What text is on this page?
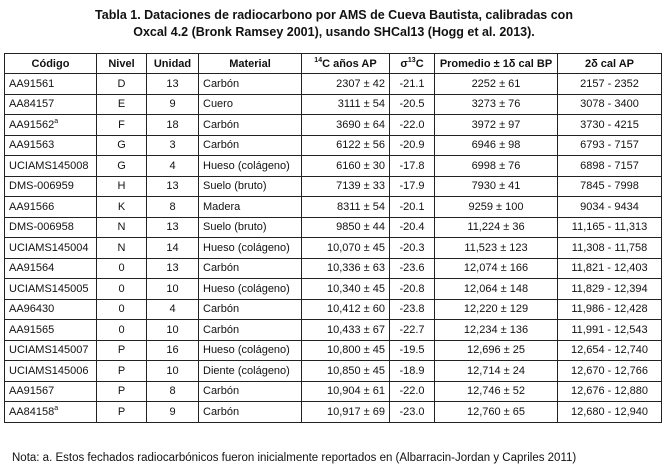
Tabla 1. Dataciones de radiocarbono por AMS de Cueva Bautista, calibradas con
Oxcal 4.2 (Bronk Ramsey 2001), usando SHCal13 (Hogg et al. 2013).
Código	Nivel	Unidad	Material	$^{14}$C años AP	$\sigma^{13}C$	Promedio ± 1δ cal BP	2δ cal AP
AA91561	D	13	Carbón	2307 ± 42	-21.1	2252 ± 61	2157 - 2352
AA84157	E	9	Cuero	3111 ± 54	-20.5	3273 ± 76	3078 - 3400
AA91562$^a$	F	18	Carbón	3690 ± 64	-22.0	3972 ± 97	3730 - 4215
AA91563	G	3	Carbón	6122 ± 56	-20.9	6946 ± 98	6793 - 7157
UCIAMS145008	G	4	Hueso (colágeno)	6160 ± 30	-17.8	6998 ± 76	6898 - 7157
DMS-006959	H	13	Suelo (bruto)	7139 ± 33	-17.9	7930 ± 41	7845 - 7998
AA91566	K	8	Madera	8311 ± 54	-20.1	9259 ± 100	9034 - 9434
DMS-006958	N	13	Suelo (bruto)	9850 ± 44	-20.4	11,224 ± 36	11,165 - 11,313
UCIAMS145004	N	14	Hueso (colágeno)	10,070 ± 45	-20.3	11,523 ± 123	11,308 - 11,758
AA91564	0	13	Carbón	10,336 ± 63	-23.6	12,074 ± 166	11,821 - 12,403
UCIAMS145005	0	10	Hueso (colágeno)	10,340 ± 45	-20.8	12,064 ± 148	11,829 - 12,394
AA96430	0	4	Carbón	10,412 ± 60	-23.8	12,220 ± 129	11,986 - 12,428
AA91565	0	10	Carbón	10,433 ± 67	-22.7	12,234 ± 136	11,991 - 12,543
UCIAMS145007	P	16	Hueso (colágeno)	10,800 ± 45	-19.5	12,696 ± 25	12,654 - 12,740
UCIAMS145006	P	10	Diente (colágeno)	10,850 ± 45	-18.9	12,714 ± 24	12,670 - 12,766
AA91567	P	8	Carbón	10,904 ± 61	-22.0	12,746 ± 52	12,676 - 12,880
AA84158$^a$	P	9	Carbón	10,917 ± 69	-23.0	12,760 ± 65	12,680 - 12,940
Nota: a. Estos fechados radiocarbónicos fueron inicialmente reportados en (Albarracin-Jordan y Capriles 2011)
